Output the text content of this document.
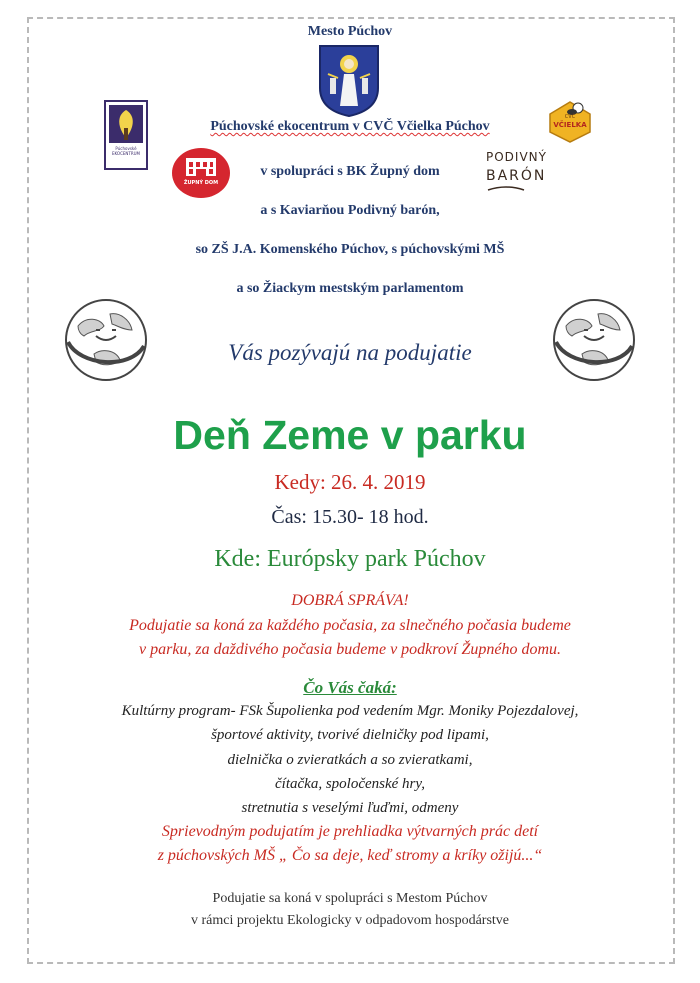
Mesto Púchov
Púchovské
EKOCENTRUM
Púchovské ekocentrum v CVČ Včielka Púchov
CVČ
VČIELKA
ŽUPNÝ DOM
v spolupráci s BK Župný dom
PODIVNÝ
BARÓN
a s Kaviarňou Podivný barón,
so ZŠ J.A. Komenského Púchov, s púchovskými MŠ
a so Žiackym mestským parlamentom
Vás pozývajú na podujatie
Deň Zeme v parku
Kedy: 26. 4. 2019
Čas: 15.30- 18 hod.
Kde: Európsky park Púchov
DOBRÁ SPRÁVA!
Podujatie sa koná za každého počasia, za slnečného počasia budeme
v parku, za daždivého počasia budeme v podkroví Župného domu.
Čo Vás čaká:
Kultúrny program- FSk Šupolienka pod vedením Mgr. Moniky Pojezdalovej,
športové aktivity, tvorivé dielničky pod lipami,
dielnička o zvieratkách a so zvieratkami,
čítačka, spoločenské hry,
stretnutia s veselými ľuďmi, odmeny
Sprievodným podujatím je prehliadka výtvarných prác detí
z púchovských MŠ „ Čo sa deje, keď stromy a kríky ožijú...“
Podujatie sa koná v spolupráci s Mestom Púchov
v rámci projektu Ekologicky v odpadovom hospodárstve
